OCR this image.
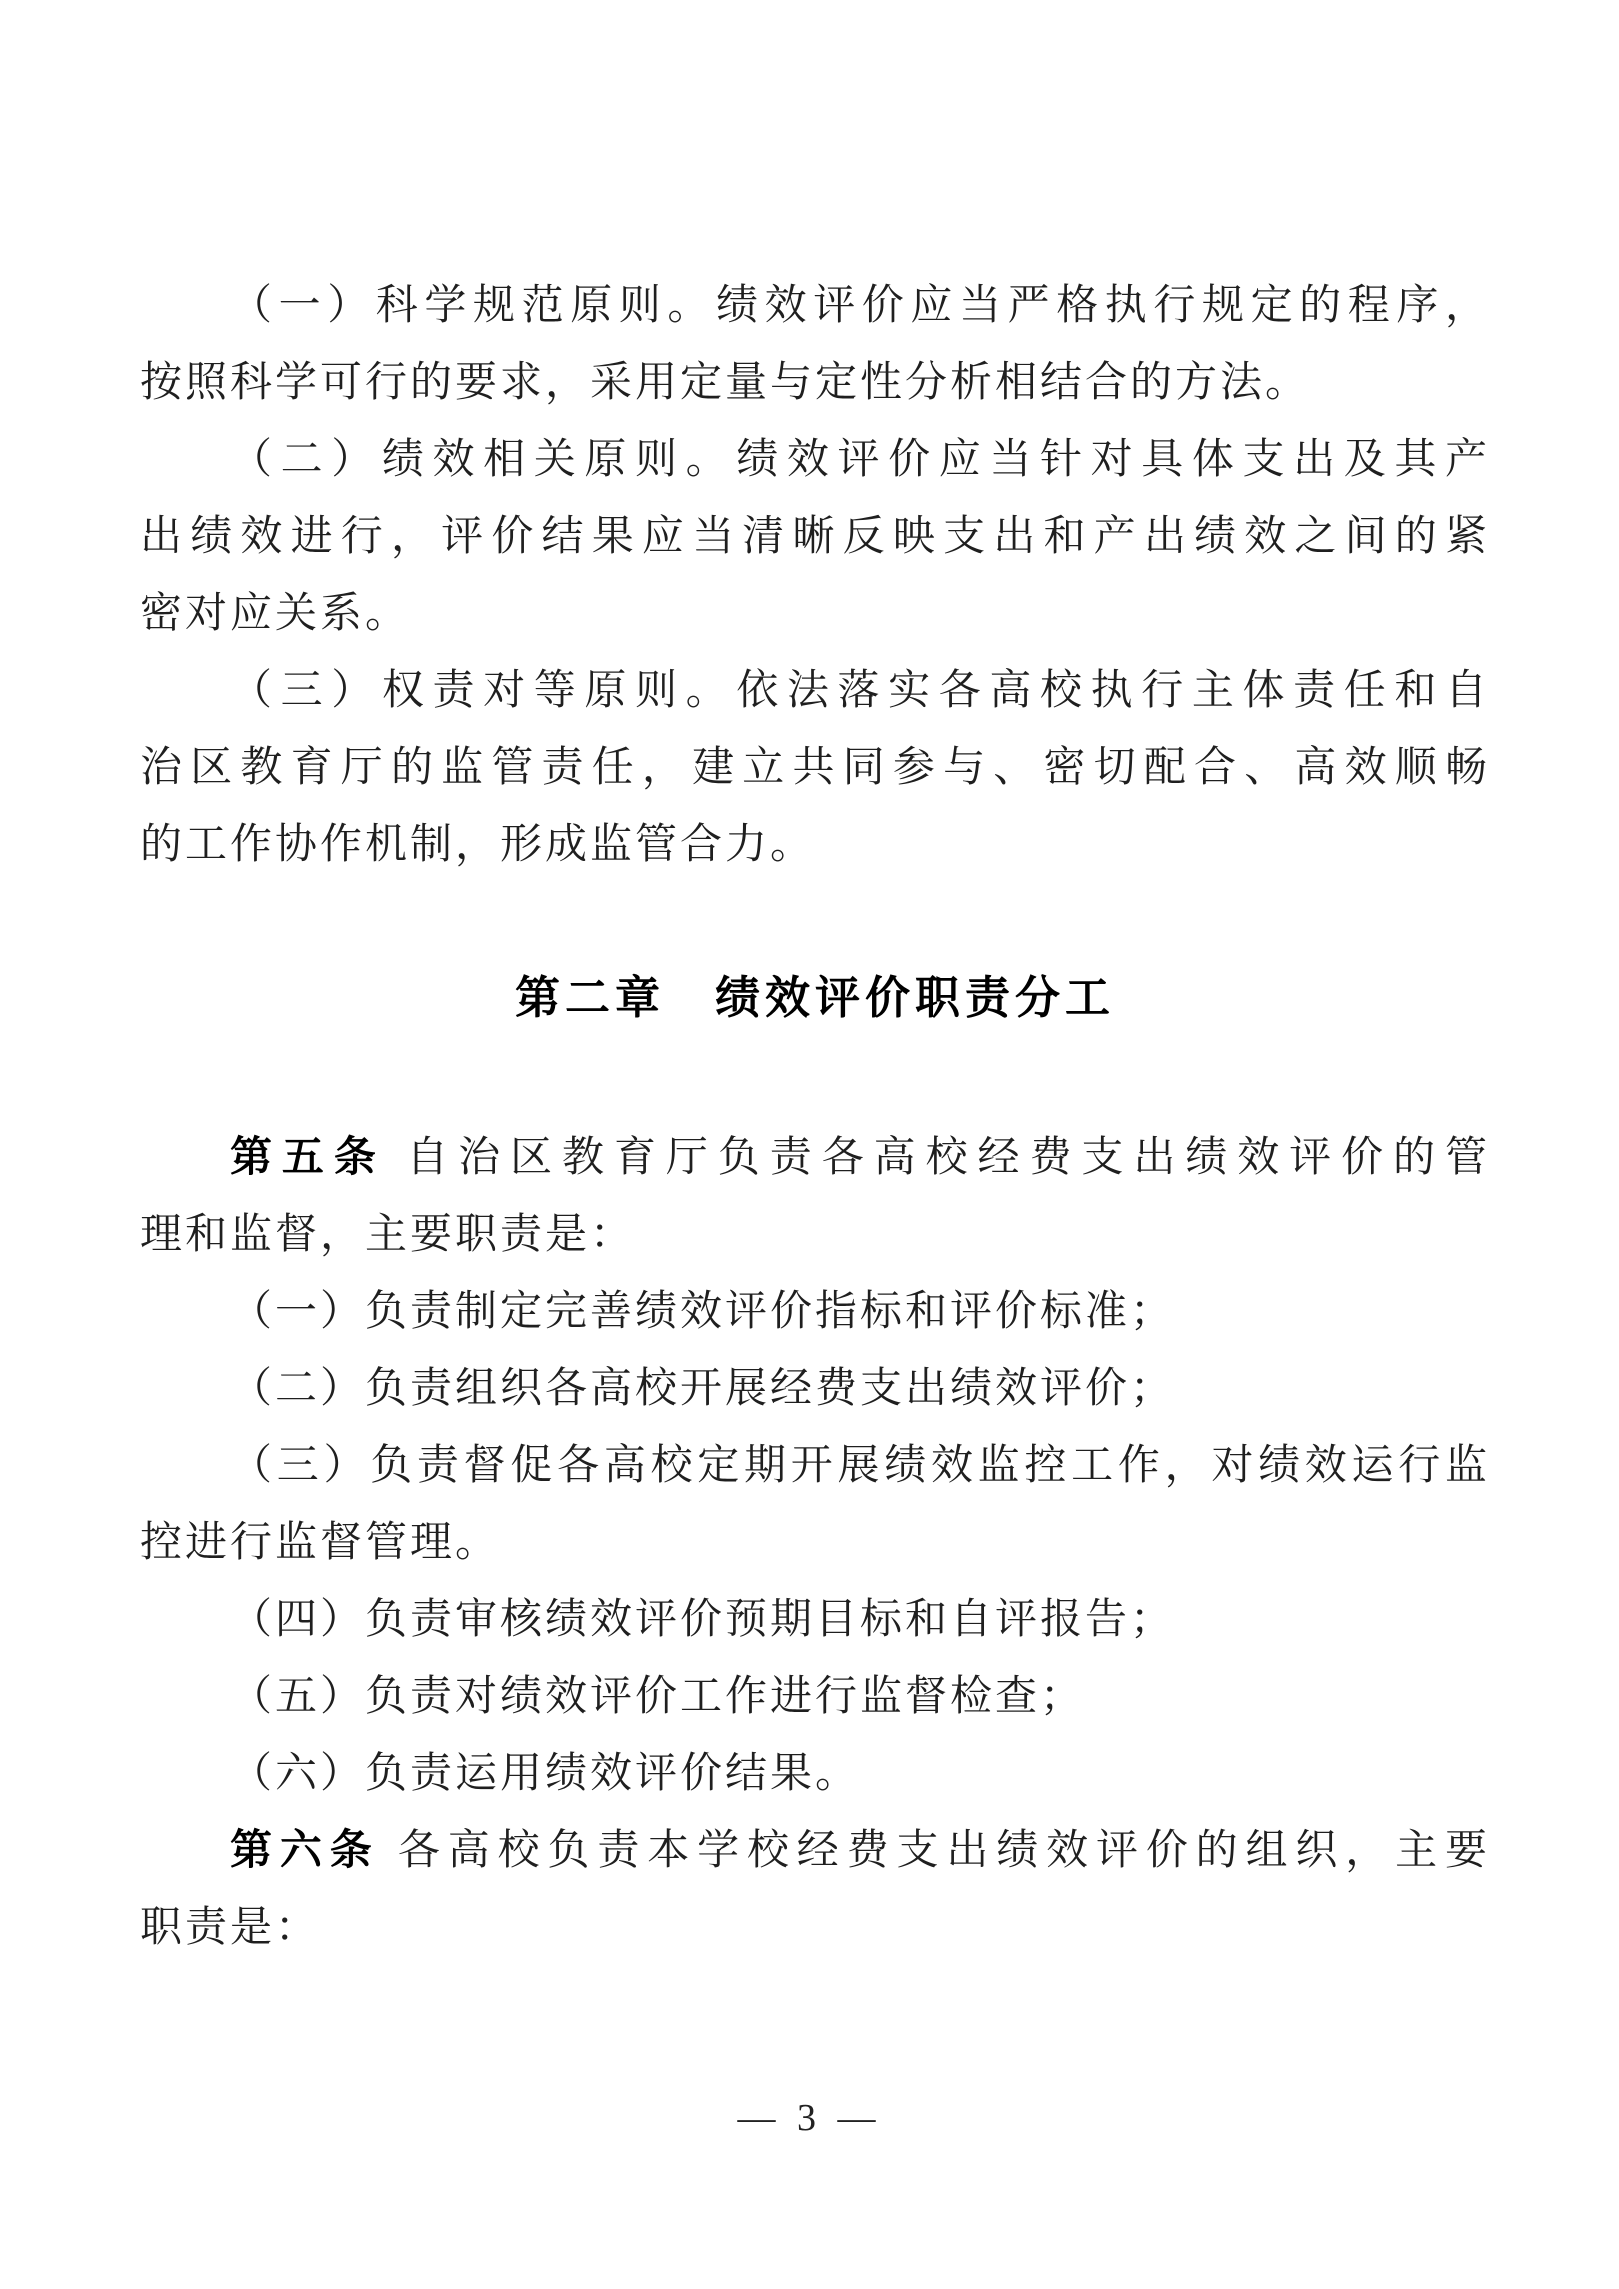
（一）科学规范原则。绩效评价应当严格执行规定的程序，
按照科学可行的要求，采用定量与定性分析相结合的方法。
（二）绩效相关原则。绩效评价应当针对具体支出及其产
出绩效进行，评价结果应当清晰反映支出和产出绩效之间的紧
密对应关系。
（三）权责对等原则。依法落实各高校执行主体责任和自
治区教育厅的监管责任，建立共同参与、密切配合、高效顺畅
的工作协作机制，形成监管合力。
第二章　绩效评价职责分工
第五条 自治区教育厅负责各高校经费支出绩效评价的管
理和监督，主要职责是：
（一）负责制定完善绩效评价指标和评价标准；
（二）负责组织各高校开展经费支出绩效评价；
（三）负责督促各高校定期开展绩效监控工作，对绩效运行监
控进行监督管理。
（四）负责审核绩效评价预期目标和自评报告；
（五）负责对绩效评价工作进行监督检查；
（六）负责运用绩效评价结果。
第六条 各高校负责本学校经费支出绩效评价的组织，主要
职责是：
— 3 —
